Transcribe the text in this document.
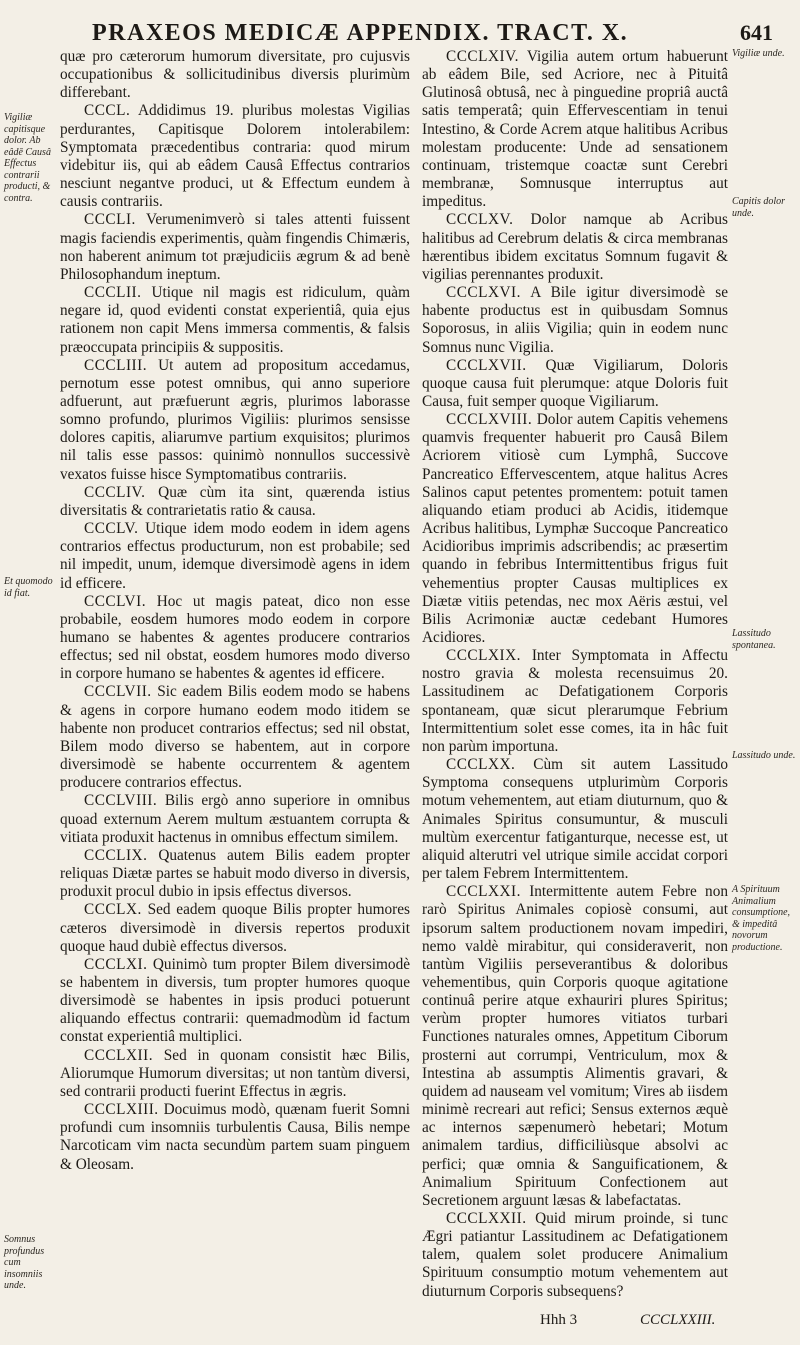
PRAXEOS MEDICÆ APPENDIX. TRACT. X.	641

quæ pro cæterorum humorum diversitate, pro cujusvis occupationibus & sollicitudinibus diversis plurimùm differebant.

CCCL. Addidimus 19. pluribus molestas Vigilias perdurantes, Capitisque Dolorem intolerabilem: Symptomata præcedentibus contraria: quod mirum videbitur iis, qui ab eâdem Causâ Effectus contrarios nesciunt negantve produci, ut & Effectum eundem à causis contrariis.

CCCLI. Verumenimverò si tales attenti fuissent magis faciendis experimentis, quàm fingendis Chimæris, non haberent animum tot præjudiciis ægrum & ad benè Philosophandum ineptum.

CCCLII. Utique nil magis est ridiculum, quàm negare id, quod evidenti constat experientiâ, quia ejus rationem non capit Mens immersa commentis, & falsis præoccupata principiis & suppositis.

CCCLIII. Ut autem ad propositum accedamus, pernotum esse potest omnibus, qui anno superiore adfuerunt, aut præfuerunt ægris, plurimos laborasse somno profundo, plurimos Vigiliis: plurimos sensisse dolores capitis, aliarumve partium exquisitos; plurimos nil talis esse passos: quinimò nonnullos successivè vexatos fuisse hisce Symptomatibus contrariis.

CCCLIV. Quæ cùm ita sint, quærenda istius diversitatis & contrarietatis ratio & causa.

CCCLV. Utique idem modo eodem in idem agens contrarios effectus producturum, non est probabile; sed nil impedit, unum, idemque diversimodè agens in idem id efficere.

CCCLVI. Hoc ut magis pateat, dico non esse probabile, eosdem humores modo eodem in corpore humano se habentes & agentes producere contrarios effectus; sed nil obstat, eosdem humores modo diverso in corpore humano se habentes & agentes id efficere.

CCCLVII. Sic eadem Bilis eodem modo se habens & agens in corpore humano eodem modo itidem se habente non producet contrarios effectus; sed nil obstat, Bilem modo diverso se habentem, aut in corpore diversimodè se habente occurrentem & agentem producere contrarios effectus.

CCCLVIII. Bilis ergò anno superiore in omnibus quoad externum Aerem multum æstuantem corrupta & vitiata produxit hactenus in omnibus effectum similem.

CCCLIX. Quatenus autem Bilis eadem propter reliquas Diætæ partes se habuit modo diverso in diversis, produxit procul dubio in ipsis effectus diversos.

CCCLX. Sed eadem quoque Bilis propter humores cæteros diversimodè in diversis repertos produxit quoque haud dubiè effectus diversos.

CCCLXI. Quinimò tum propter Bilem diversimodè se habentem in diversis, tum propter humores quoque diversimodè se habentes in ipsis produci potuerunt aliquando effectus contrarii: quemadmodùm id factum constat experientiâ multiplici.

CCCLXII. Sed in quonam consistit hæc Bilis, Aliorumque Humorum diversitas; ut non tantùm diversi, sed contrarii producti fuerint Effectus in ægris.

CCCLXIII. Docuimus modò, quænam fuerit Somni profundi cum insomniis turbulentis Causa, Bilis nempe Narcoticam vim nacta secundùm partem suam pinguem & Oleosam.

CCCLXIV. Vigilia autem ortum habuerunt ab eâdem Bile, sed Acriore, nec à Pituitâ Glutinosâ obtusâ, nec à pinguedine propriâ auctâ satis temperatâ; quin Effervescentiam in tenui Intestino, & Corde Acrem atque halitibus Acribus molestam producente: Unde ad sensationem continuam, tristemque coactæ sunt Cerebri membranæ, Somnusque interruptus aut impeditus.

CCCLXV. Dolor namque ab Acribus halitibus ad Cerebrum delatis & circa membranas hærentibus ibidem excitatus Somnum fugavit & vigilias perennantes produxit.

CCCLXVI. A Bile igitur diversimodè se habente productus est in quibusdam Somnus Soporosus, in aliis Vigilia; quin in eodem nunc Somnus nunc Vigilia.

CCCLXVII. Quæ Vigiliarum, Doloris quoque causa fuit plerumque: atque Doloris fuit Causa, fuit semper quoque Vigiliarum.

CCCLXVIII. Dolor autem Capitis vehemens quamvis frequenter habuerit pro Causâ Bilem Acriorem vitiosè cum Lymphâ, Succove Pancreatico Effervescentem, atque halitus Acres Salinos caput petentes promentem: potuit tamen aliquando etiam produci ab Acidis, itidemque Acribus halitibus, Lymphæ Succoque Pancreatico Acidioribus imprimis adscribendis; ac præsertim quando in febribus Intermittentibus frigus fuit vehementius propter Causas multiplices ex Diætæ vitiis petendas, nec mox Aëris æstui, vel Bilis Acrimoniæ auctæ cedebant Humores Acidiores.

CCCLXIX. Inter Symptomata in Affectu nostro gravia & molesta recensuimus 20. Lassitudinem ac Defatigationem Corporis spontaneam, quæ sicut plerarumque Febrium Intermittentium solet esse comes, ita in hâc fuit non parùm importuna.

CCCLXX. Cùm sit autem Lassitudo Symptoma consequens utplurimùm Corporis motum vehementem, aut etiam diuturnum, quo & Animales Spiritus consumuntur, & musculi multùm exercentur fatiganturque, necesse est, ut aliquid alterutri vel utrique simile accidat corpori per talem Febrem Intermittentem.

CCCLXXI. Intermittente autem Febre non rarò Spiritus Animales copiosè consumi, aut ipsorum saltem productionem novam impediri, nemo valdè mirabitur, qui consideraverit, non tantùm Vigiliis perseverantibus & doloribus vehementibus, quin Corporis quoque agitatione continuâ perire atque exhauriri plures Spiritus; verùm propter humores vitiatos turbari Functiones naturales omnes, Appetitum Ciborum prosterni aut corrumpi, Ventriculum, mox & Intestina ab assumptis Alimentis gravari, & quidem ad nauseam vel vomitum; Vires ab iisdem minimè recreari aut refici; Sensus externos æquè ac internos sæpenumerò hebetari; Motum animalem tardius, difficiliùsque absolvi ac perfici; quæ omnia & Sanguificationem, & Animalium Spirituum Confectionem aut Secretionem arguunt læsas & labefactatas.

CCCLXXII. Quid mirum proinde, si tunc Ægri patiantur Lassitudinem ac Defatigationem talem, qualem solet producere Animalium Spirituum consumptio motum vehementem aut diuturnum Corporis subsequens?

Vigiliæ capitisque dolor. Ab eâdē Causâ Effectus contrarii producti, & contra.
Et quomodo id fiat.
Somnus profundus cum insomniis unde.
Vigiliæ unde.
Capitis dolor unde.
Lassitudo spontanea.
Lassitudo unde.
A Spirituum Animalium consumptione, & impeditâ novorum productione.
Hhh 3	CCCLXXIII.
